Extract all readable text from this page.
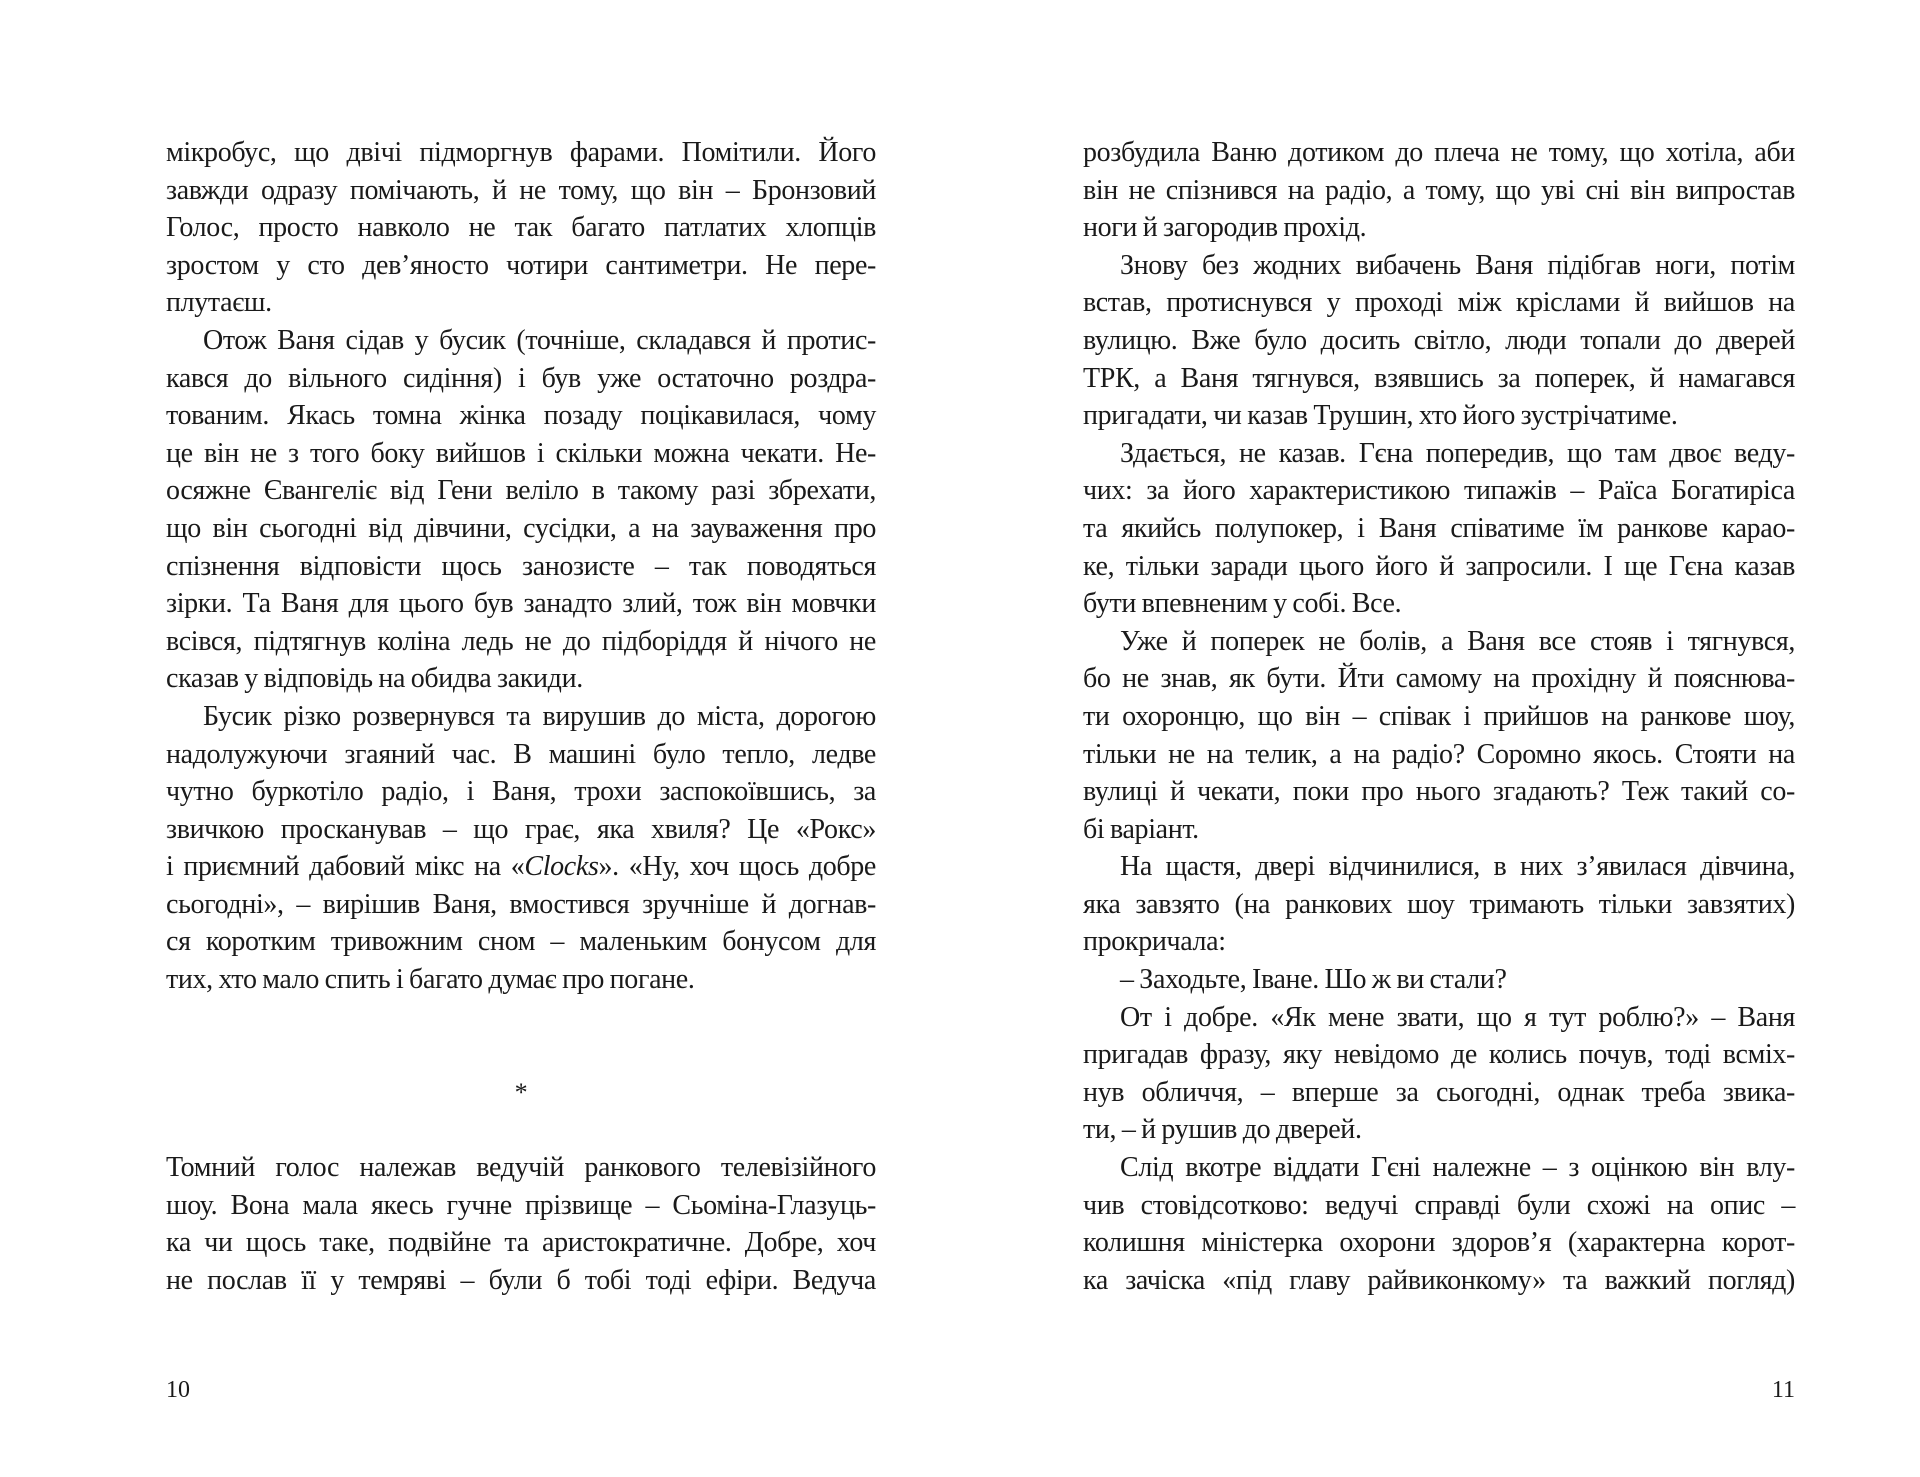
мікробус, що двічі підморгнув фарами. Помітили. Його
завжди одразу помічають, й не тому, що він – Бронзовий
Голос, просто навколо не так багато патлатих хлопців
зростом у сто дев’яносто чотири сантиметри. Не пере-
плутаєш.
Отож Ваня сідав у бусик (точніше, складався й протис-
кався до вільного сидіння) і був уже остаточно роздра-
тованим. Якась томна жінка позаду поцікавилася, чому
це він не з того боку вийшов і скільки можна чекати. Не-
осяжне Євангеліє від Гени веліло в такому разі збрехати,
що він сьогодні від дівчини, сусідки, а на зауваження про
спізнення відповісти щось занозисте – так поводяться
зірки. Та Ваня для цього був занадто злий, тож він мовчки
всівся, підтягнув коліна ледь не до підборіддя й нічого не
сказав у відповідь на обидва закиди.
Бусик різко розвернувся та вирушив до міста, дорогою
надолужуючи згаяний час. В машині було тепло, ледве
чутно буркотіло радіо, і Ваня, трохи заспокоївшись, за
звичкою просканував – що грає, яка хвиля? Це «Рокс»
і приємний дабовий мікс на «Clocks». «Ну, хоч щось добре
сьогодні», – вирішив Ваня, вмостився зручніше й догнав-
ся коротким тривожним сном – маленьким бонусом для
тих, хто мало спить і багато думає про погане.
*
Томний голос належав ведучій ранкового телевізійного
шоу. Вона мала якесь гучне прізвище – Сьоміна-Глазуць-
ка чи щось таке, подвійне та аристократичне. Добре, хоч
не послав її у темряві – були б тобі тоді ефіри. Ведуча
10
розбудила Ваню дотиком до плеча не тому, що хотіла, аби
він не спізнився на радіо, а тому, що уві сні він випростав
ноги й загородив прохід.
Знову без жодних вибачень Ваня підібгав ноги, потім
встав, протиснувся у проході між кріслами й вийшов на
вулицю. Вже було досить світло, люди топали до дверей
ТРК, а Ваня тягнувся, взявшись за поперек, й намагався
пригадати, чи казав Трушин, хто його зустрічатиме.
Здається, не казав. Гєна попередив, що там двоє веду-
чих: за його характеристикою типажів – Раїса Богатиріса
та якийсь полупокер, і Ваня співатиме їм ранкове карао-
ке, тільки заради цього його й запросили. І ще Гєна казав
бути впевненим у собі. Все.
Уже й поперек не болів, а Ваня все стояв і тягнувся,
бо не знав, як бути. Йти самому на прохідну й пояснюва-
ти охоронцю, що він – співак і прийшов на ранкове шоу,
тільки не на телик, а на радіо? Соромно якось. Стояти на
вулиці й чекати, поки про нього згадають? Теж такий со-
бі варіант.
На щастя, двері відчинилися, в них з’явилася дівчина,
яка завзято (на ранкових шоу тримають тільки завзятих)
прокричала:
– Заходьте, Іване. Шо ж ви стали?
От і добре. «Як мене звати, що я тут роблю?» – Ваня
пригадав фразу, яку невідомо де колись почув, тоді всміх-
нув обличчя, – вперше за сьогодні, однак треба звика-
ти, – й рушив до дверей.
Слід вкотре віддати Гєні належне – з оцінкою він влу-
чив стовідсотково: ведучі справді були схожі на опис –
колишня міністерка охорони здоров’я (характерна корот-
ка зачіска «під главу райвиконкому» та важкий погляд)
11
